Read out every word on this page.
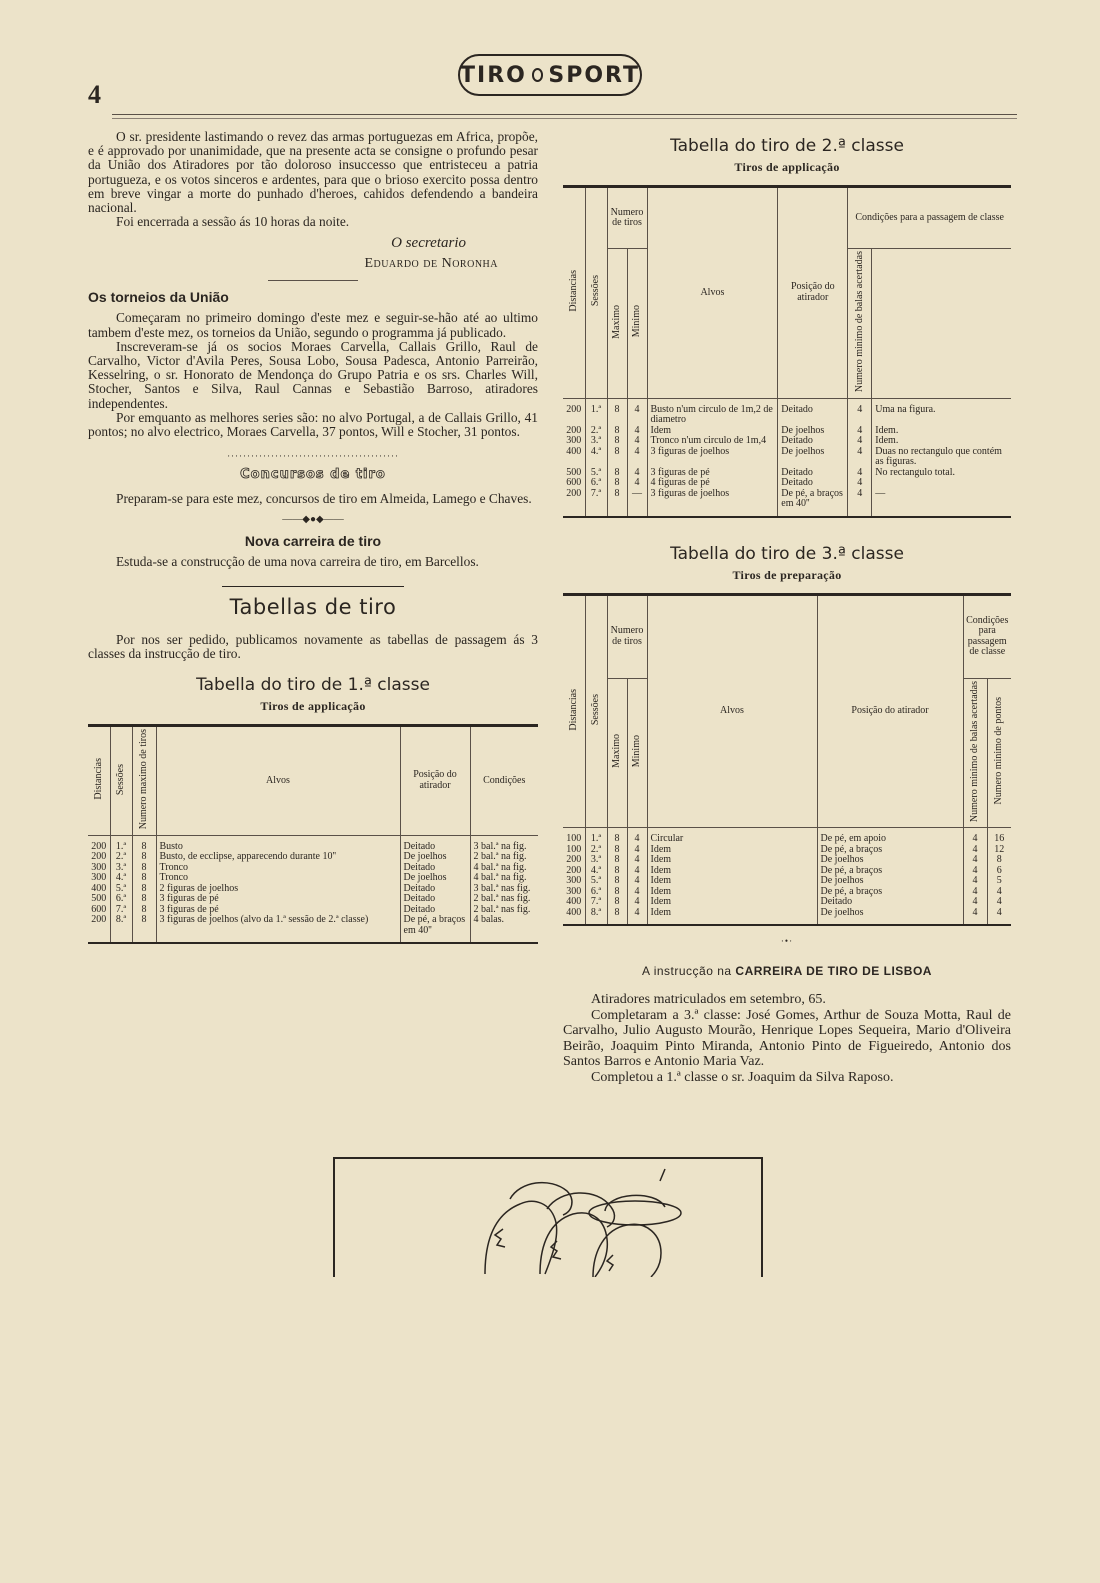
4
TIRO SPORT

O sr. presidente lastimando o revez das armas portuguezas em Africa, propõe, e é approvado por unanimidade, que na presente acta se consigne o profundo pesar da União dos Atiradores por tão doloroso insuccesso que entristeceu a patria portugueza, e os votos sinceros e ardentes, para que o brioso exercito possa dentro em breve vingar a morte do punhado d'heroes, cahidos defendendo a bandeira nacional.

Foi encerrada a sessão ás 10 horas da noite.

O secretario
Eduardo de Noronha
Os torneios da União

Começaram no primeiro domingo d'este mez e seguir-se-hão até ao ultimo tambem d'este mez, os torneios da União, segundo o programma já publicado.

Inscreveram-se já os socios Moraes Carvella, Callais Grillo, Raul de Carvalho, Victor d'Avila Peres, Sousa Lobo, Sousa Padesca, Antonio Parreirão, Kesselring, o sr. Honorato de Mendonça do Grupo Patria e os srs. Charles Will, Stocher, Santos e Silva, Raul Cannas e Sebastião Barroso, atiradores independentes.

Por emquanto as melhores series são: no alvo Portugal, a de Callais Grillo, 41 pontos; no alvo electrico, Moraes Carvella, 37 pontos, Will e Stocher, 31 pontos.

···········································
Concursos de tiro

Preparam-se para este mez, concursos de tiro em Almeida, Lamego e Chaves.

——◆●◆——
Nova carreira de tiro

Estuda-se a construcção de uma nova carreira de tiro, em Barcellos.

Tabellas de tiro

Por nos ser pedido, publicamos novamente as tabellas de passagem ás 3 classes da instrucção de tiro.

Tabella do tiro de 1.ª classe
Tiros de applicação
Distancias	Sessões	Numero maximo de tiros	Alvos	Posição do atirador	Condições
200	1.ª	8	Busto	Deitado	3 bal.ª na fig.
200	2.ª	8	Busto, de ecclipse, apparecendo durante 10''	De joelhos	2 bal.ª na fig.
300	3.ª	8	Tronco	Deitado	4 bal.ª na fig.
300	4.ª	8	Tronco	De joelhos	4 bal.ª na fig.
400	5.ª	8	2 figuras de joelhos	Deitado	3 bal.ª nas fig.
500	6.ª	8	3 figuras de pé	Deitado	2 bal.ª nas fig.
600	7.ª	8	3 figuras de pé	Deitado	2 bal.ª nas fig.
200	8.ª	8	3 figuras de joelhos (alvo da 1.ª sessão de 2.ª classe)	De pé, a braços em 40''	4 balas.
Tabella do tiro de 2.ª classe
Tiros de applicação
Distancias	Sessões	Numero de tiros		Alvos	Posição do atirador	Condições para a passagem de classe	
		Maximo	Minimo			Numero minimo de balas acertadas	
200	1.ª	8	4	Busto n'um circulo de 1m,2 de diametro	Deitado	4	Uma na figura.
200	2.ª	8	4	Idem	De joelhos	4	Idem.
300	3.ª	8	4	Tronco n'um circulo de 1m,4	Deitado	4	Idem.
400	4.ª	8	4	3 figuras de joelhos	De joelhos	4	Duas no rectangulo que contém as figuras.
500	5.ª	8	4	3 figuras de pé	Deitado	4	No rectangulo total.
600	6.ª	8	4	4 figuras de pé	Deitado	4	
200	7.ª	8	—	3 figuras de joelhos	De pé, a braços em 40''	4	—
Tabella do tiro de 3.ª classe
Tiros de preparação
Distancias	Sessões	Numero de tiros		Alvos	Posição do atirador	Condições para passagem de classe	
		Maximo	Minimo			Numero minimo de balas acertadas	Numero minimo de pontos
100	1.ª	8	4	Circular	De pé, em apoio	4	16
100	2.ª	8	4	Idem	De pé, a braços	4	12
200	3.ª	8	4	Idem	De joelhos	4	8
200	4.ª	8	4	Idem	De pé, a braços	4	6
300	5.ª	8	4	Idem	De joelhos	4	5
300	6.ª	8	4	Idem	De pé, a braços	4	4
400	7.ª	8	4	Idem	Deitado	4	4
400	8.ª	8	4	Idem	De joelhos	4	4
·•·
A instrucção na CARREIRA DE TIRO DE LISBOA

Atiradores matriculados em setembro, 65.

Completaram a 3.ª classe: José Gomes, Arthur de Souza Motta, Raul de Carvalho, Julio Augusto Mourão, Henrique Lopes Sequeira, Mario d'Oliveira Beirão, Joaquim Pinto Miranda, Antonio Pinto de Figueiredo, Antonio dos Santos Barros e Antonio Maria Vaz.

Completou a 1.ª classe o sr. Joaquim da Silva Raposo.
